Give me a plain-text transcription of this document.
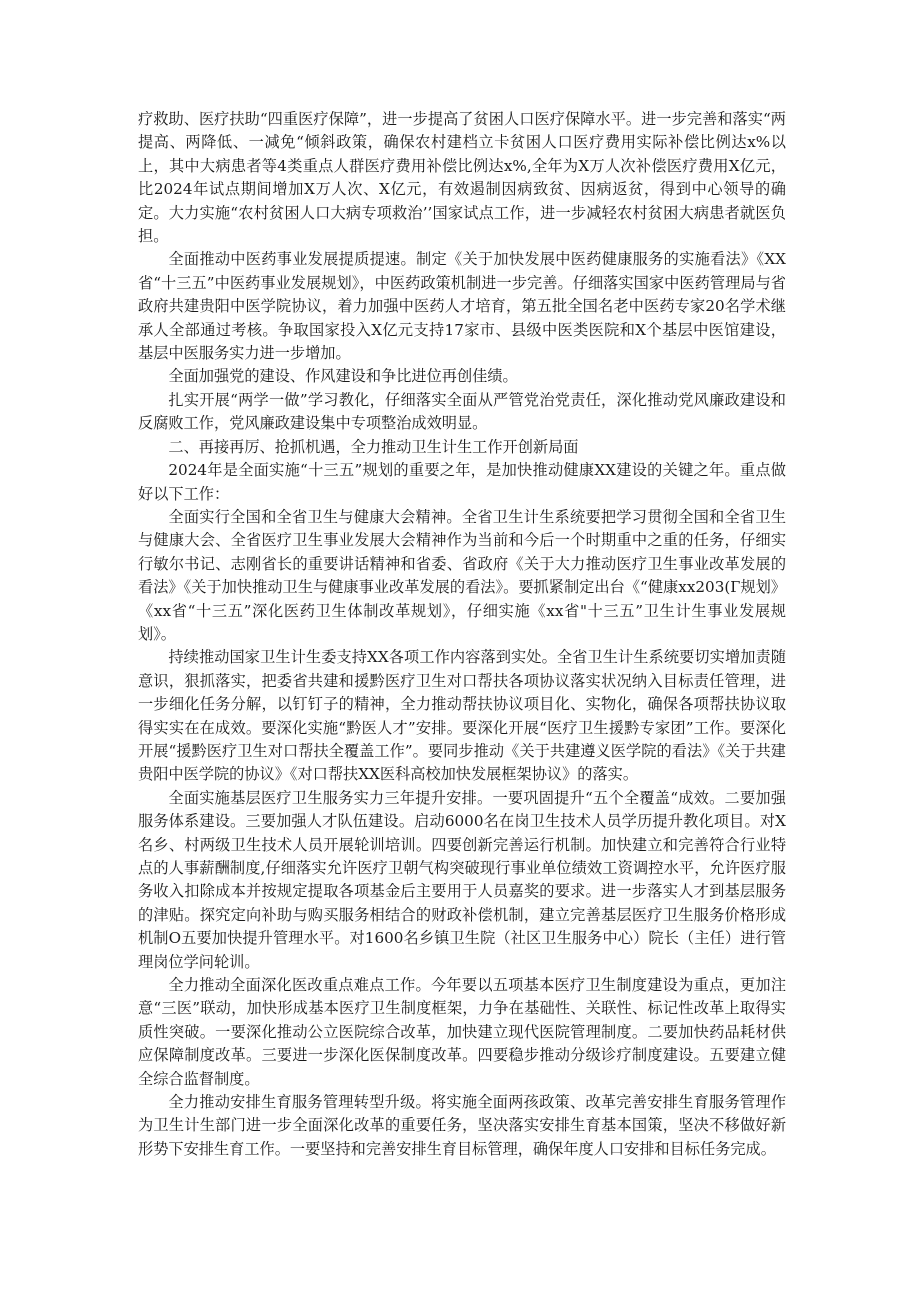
疗救助、医疗扶助“四重医疗保障”，进一步提高了贫困人口医疗保障水平。进一步完善和落实“两提高、两降低、一减免“倾斜政策，确保农村建档立卡贫困人口医疗费用实际补偿比例达x%以上，其中大病患者等4类重点人群医疗费用补偿比例达x%,全年为X万人次补偿医疗费用X亿元，比2024年试点期间增加X万人次、X亿元，有效遏制因病致贫、因病返贫，得到中心领导的确定。大力实施“农村贫困人口大病专项救治’’国家试点工作，进一步减轻农村贫困大病患者就医负担。

全面推动中医药事业发展提质提速。制定《关于加快发展中医药健康服务的实施看法》《XX省“十三五”中医药事业发展规划》，中医药政策机制进一步完善。仔细落实国家中医药管理局与省政府共建贵阳中医学院协议，着力加强中医药人才培育，第五批全国名老中医药专家20名学术继承人全部通过考核。争取国家投入X亿元支持17家市、县级中医类医院和X个基层中医馆建设，基层中医服务实力进一步增加。

全面加强党的建设、作风建设和争比进位再创佳绩。

扎实开展“两学一做”学习教化，仔细落实全面从严管党治党责任，深化推动党风廉政建设和反腐败工作，党风廉政建设集中专项整治成效明显。

二、再接再厉、抢抓机遇，全力推动卫生计生工作开创新局面

2024年是全面实施“十三五”规划的重要之年，是加快推动健康XX建设的关键之年。重点做好以下工作：

全面实行全国和全省卫生与健康大会精神。全省卫生计生系统要把学习贯彻全国和全省卫生与健康大会、全省医疗卫生事业发展大会精神作为当前和今后一个时期重中之重的任务，仔细实行敏尔书记、志刚省长的重要讲话精神和省委、省政府《关于大力推动医疗卫生事业改革发展的看法》《关于加快推动卫生与健康事业改革发展的看法》。要抓紧制定出台《“健康xx203(Г规划》《xx省“十三五”深化医药卫生体制改革规划》，仔细实施《xx省"十三五”卫生计生事业发展规划》。

持续推动国家卫生计生委支持XX各项工作内容落到实处。全省卫生计生系统要切实增加责随意识，狠抓落实，把委省共建和援黔医疗卫生对口帮扶各项协议落实状况纳入目标责任管理，进一步细化任务分解，以钉钉子的精神，全力推动帮扶协议项目化、实物化，确保各项帮扶协议取得实实在在成效。要深化实施“黔医人才”安排。要深化开展“医疗卫生援黔专家团”工作。要深化开展“援黔医疗卫生对口帮扶全覆盖工作”。要同步推动《关于共建遵义医学院的看法》《关于共建贵阳中医学院的协议》《对口帮扶XX医科高校加快发展框架协议》的落实。

全面实施基层医疗卫生服务实力三年提升安排。一要巩固提升“五个全覆盖“成效。二要加强服务体系建设。三要加强人才队伍建设。启动6000名在岗卫生技术人员学历提升教化项目。对X名乡、村两级卫生技术人员开展轮训培训。四要创新完善运行机制。加快建立和完善符合行业特点的人事薪酬制度,仔细落实允许医疗卫朝气构突破现行事业单位绩效工资调控水平，允许医疗服务收入扣除成本并按规定提取各项基金后主要用于人员嘉奖的要求。进一步落实人才到基层服务的津贴。探究定向补助与购买服务相结合的财政补偿机制，建立完善基层医疗卫生服务价格形成机制O五要加快提升管理水平。对1600名乡镇卫生院（社区卫生服务中心）院长（主任）进行管理岗位学问轮训。

全力推动全面深化医改重点难点工作。今年要以五项基本医疗卫生制度建设为重点，更加注意“三医”联动，加快形成基本医疗卫生制度框架，力争在基础性、关联性、标记性改革上取得实质性突破。一要深化推动公立医院综合改革，加快建立现代医院管理制度。二要加快药品耗材供应保障制度改革。三要进一步深化医保制度改革。四要稳步推动分级诊疗制度建设。五要建立健全综合监督制度。

全力推动安排生育服务管理转型升级。将实施全面两孩政策、改革完善安排生育服务管理作为卫生计生部门进一步全面深化改革的重要任务，坚决落实安排生育基本国策，坚决不移做好新形势下安排生育工作。一要坚持和完善安排生育目标管理，确保年度人口安排和目标任务完成。
